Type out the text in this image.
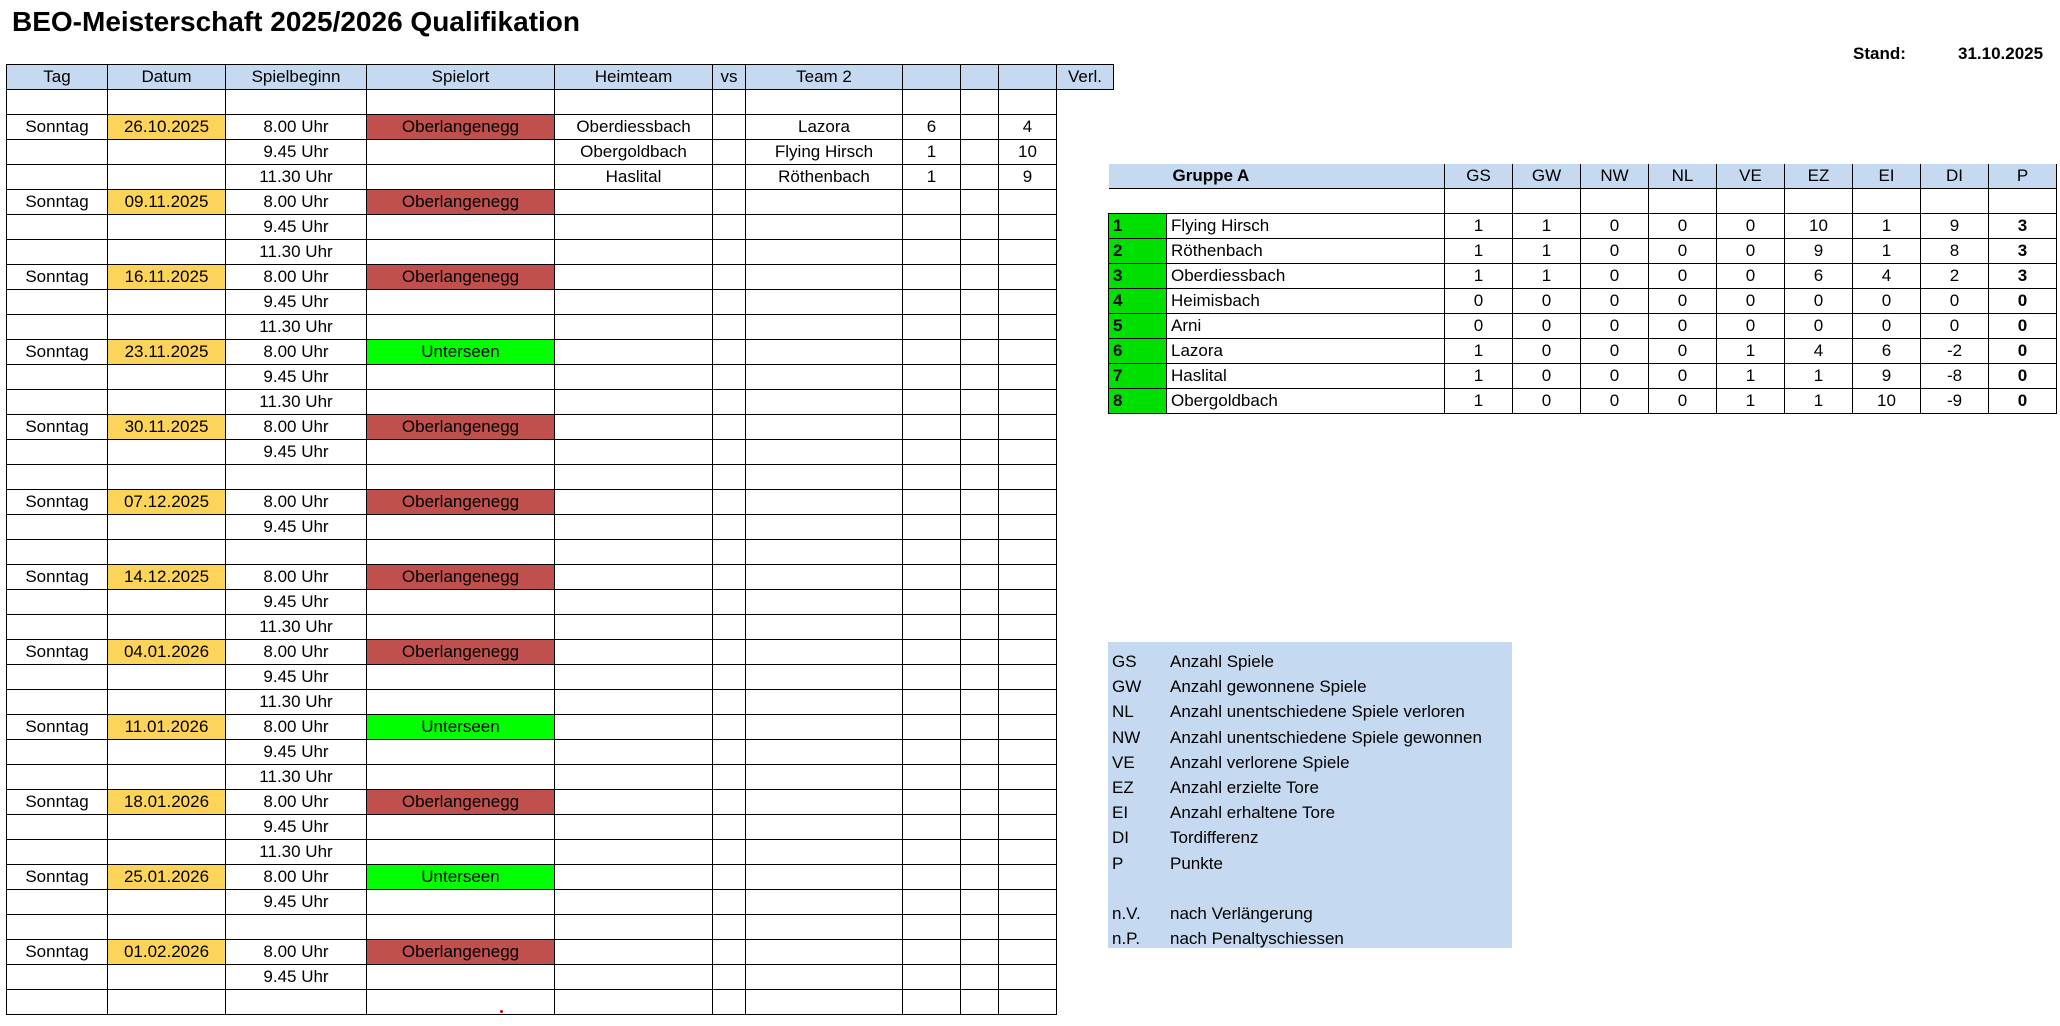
BEO-Meisterschaft 2025/2026 Qualifikation
Stand:	31.10.2025
Tag	Datum	Spielbeginn	Spielort	Heimteam	vs	Team 2				Verl.

Sonntag	26.10.2025	8.00 Uhr	Oberlangenegg	Oberdiessbach		Lazora	6		4	
		9.45 Uhr		Obergoldbach		Flying Hirsch	1		10	
		11.30 Uhr		Haslital		Röthenbach	1		9	
Sonntag	09.11.2025	8.00 Uhr	Oberlangenegg							
		9.45 Uhr								
		11.30 Uhr								
Sonntag	16.11.2025	8.00 Uhr	Oberlangenegg							
		9.45 Uhr								
		11.30 Uhr								
Sonntag	23.11.2025	8.00 Uhr	Unterseen							
		9.45 Uhr								
		11.30 Uhr								
Sonntag	30.11.2025	8.00 Uhr	Oberlangenegg							
		9.45 Uhr								

Sonntag	07.12.2025	8.00 Uhr	Oberlangenegg							
		9.45 Uhr								

Sonntag	14.12.2025	8.00 Uhr	Oberlangenegg							
		9.45 Uhr								
		11.30 Uhr								
Sonntag	04.01.2026	8.00 Uhr	Oberlangenegg							
		9.45 Uhr								
		11.30 Uhr								
Sonntag	11.01.2026	8.00 Uhr	Unterseen							
		9.45 Uhr								
		11.30 Uhr								
Sonntag	18.01.2026	8.00 Uhr	Oberlangenegg							
		9.45 Uhr								
		11.30 Uhr								
Sonntag	25.01.2026	8.00 Uhr	Unterseen							
		9.45 Uhr								

Sonntag	01.02.2026	8.00 Uhr	Oberlangenegg							
		9.45 Uhr								

Gruppe A		GS	GW	NW	NL	VE	EZ	EI	DI	P

1	Flying Hirsch	1	1	0	0	0	10	1	9	3
2	Röthenbach	1	1	0	0	0	9	1	8	3
3	Oberdiessbach	1	1	0	0	0	6	4	2	3
4	Heimisbach	0	0	0	0	0	0	0	0	0
5	Arni	0	0	0	0	0	0	0	0	0
6	Lazora	1	0	0	0	1	4	6	-2	0
7	Haslital	1	0	0	0	1	1	9	-8	0
8	Obergoldbach	1	0	0	0	1	1	10	-9	0
GS Anzahl Spiele
GW Anzahl gewonnene Spiele
NL Anzahl unentschiedene Spiele verloren
NW Anzahl unentschiedene Spiele gewonnen
VE Anzahl verlorene Spiele
EZ Anzahl erzielte Tore
EI Anzahl erhaltene Tore
DI Tordifferenz
P	Punkte
n.V. nach Verlängerung
n.P. nach Penaltyschiessen
